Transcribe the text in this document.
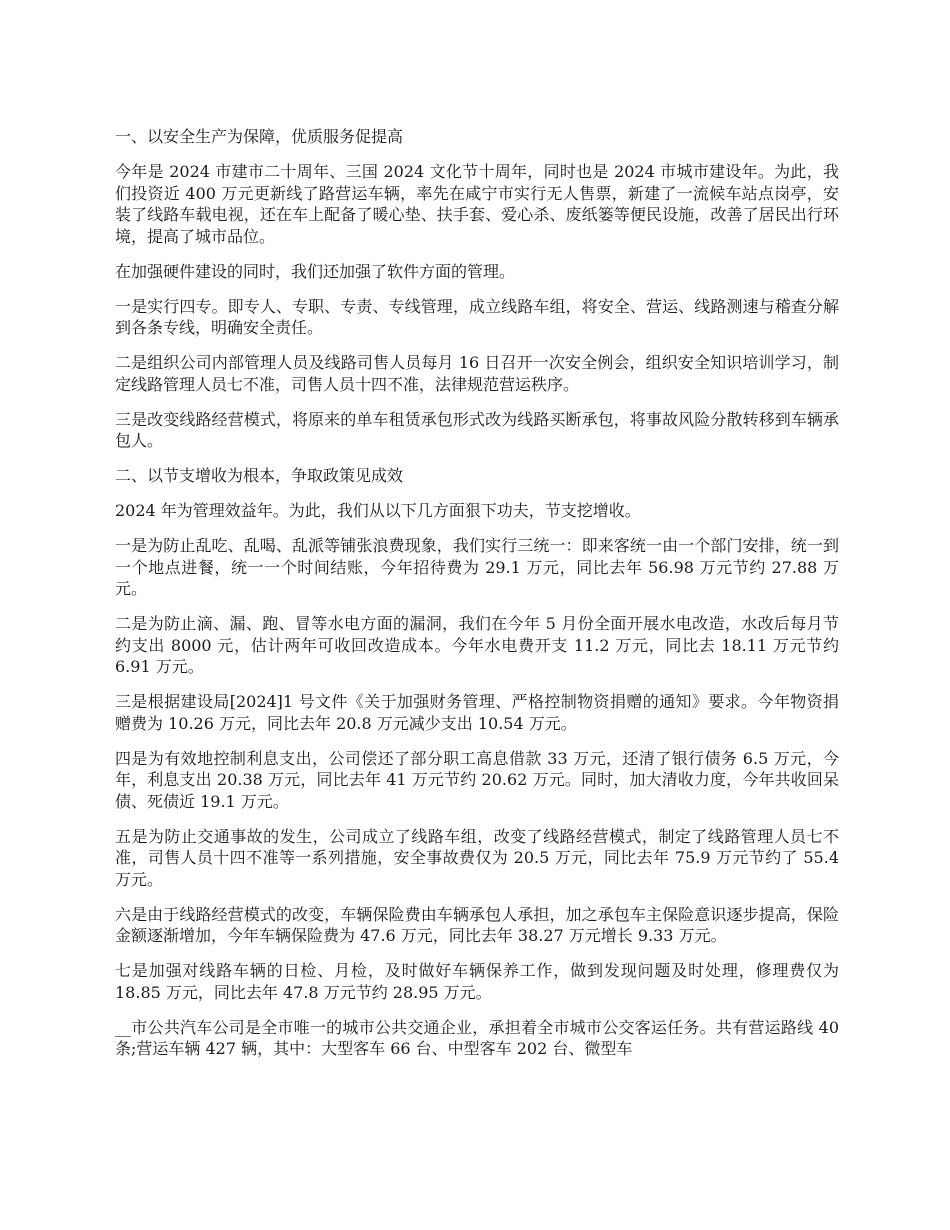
一、以安全生产为保障，优质服务促提高

今年是 2024 市建市二十周年、三国 2024 文化节十周年，同时也是 2024 市城市建设年。为此，我们投资近 400 万元更新线了路营运车辆，率先在咸宁市实行无人售票，新建了一流候车站点岗亭，安装了线路车载电视，还在车上配备了暖心垫、扶手套、爱心杀、废纸篓等便民设施，改善了居民出行环境，提高了城市品位。

在加强硬件建设的同时，我们还加强了软件方面的管理。

一是实行四专。即专人、专职、专责、专线管理，成立线路车组，将安全、营运、线路测速与稽查分解到各条专线，明确安全责任。

二是组织公司内部管理人员及线路司售人员每月 16 日召开一次安全例会，组织安全知识培训学习，制定线路管理人员七不准，司售人员十四不准，法律规范营运秩序。

三是改变线路经营模式，将原来的单车租赁承包形式改为线路买断承包，将事故风险分散转移到车辆承包人。

二、以节支增收为根本，争取政策见成效

2024 年为管理效益年。为此，我们从以下几方面狠下功夫，节支挖增收。

一是为防止乱吃、乱喝、乱派等铺张浪费现象，我们实行三统一：即来客统一由一个部门安排，统一到一个地点进餐，统一一个时间结账，今年招待费为 29.1 万元，同比去年 56.98 万元节约 27.88 万元。

二是为防止滴、漏、跑、冒等水电方面的漏洞，我们在今年 5 月份全面开展水电改造，水改后每月节约支出 8000 元，估计两年可收回改造成本。今年水电费开支 11.2 万元，同比去 18.11 万元节约 6.91 万元。

三是根据建设局[2024]1 号文件《关于加强财务管理、严格控制物资捐赠的通知》要求。今年物资捐赠费为 10.26 万元，同比去年 20.8 万元减少支出 10.54 万元。

四是为有效地控制利息支出，公司偿还了部分职工高息借款 33 万元，还清了银行债务 6.5 万元，今年，利息支出 20.38 万元，同比去年 41 万元节约 20.62 万元。同时，加大清收力度，今年共收回呆债、死债近 19.1 万元。

五是为防止交通事故的发生，公司成立了线路车组，改变了线路经营模式，制定了线路管理人员七不准，司售人员十四不准等一系列措施，安全事故费仅为 20.5 万元，同比去年 75.9 万元节约了 55.4 万元。

六是由于线路经营模式的改变，车辆保险费由车辆承包人承担，加之承包车主保险意识逐步提高，保险金额逐渐增加，今年车辆保险费为 47.6 万元，同比去年 38.27 万元增长 9.33 万元。

七是加强对线路车辆的日检、月检，及时做好车辆保养工作，做到发现问题及时处理，修理费仅为 18.85 万元，同比去年 47.8 万元节约 28.95 万元。

__市公共汽车公司是全市唯一的城市公共交通企业，承担着全市城市公交客运任务。共有营运路线 40 条;营运车辆 427 辆，其中：大型客车 66 台、中型客车 202 台、微型车
